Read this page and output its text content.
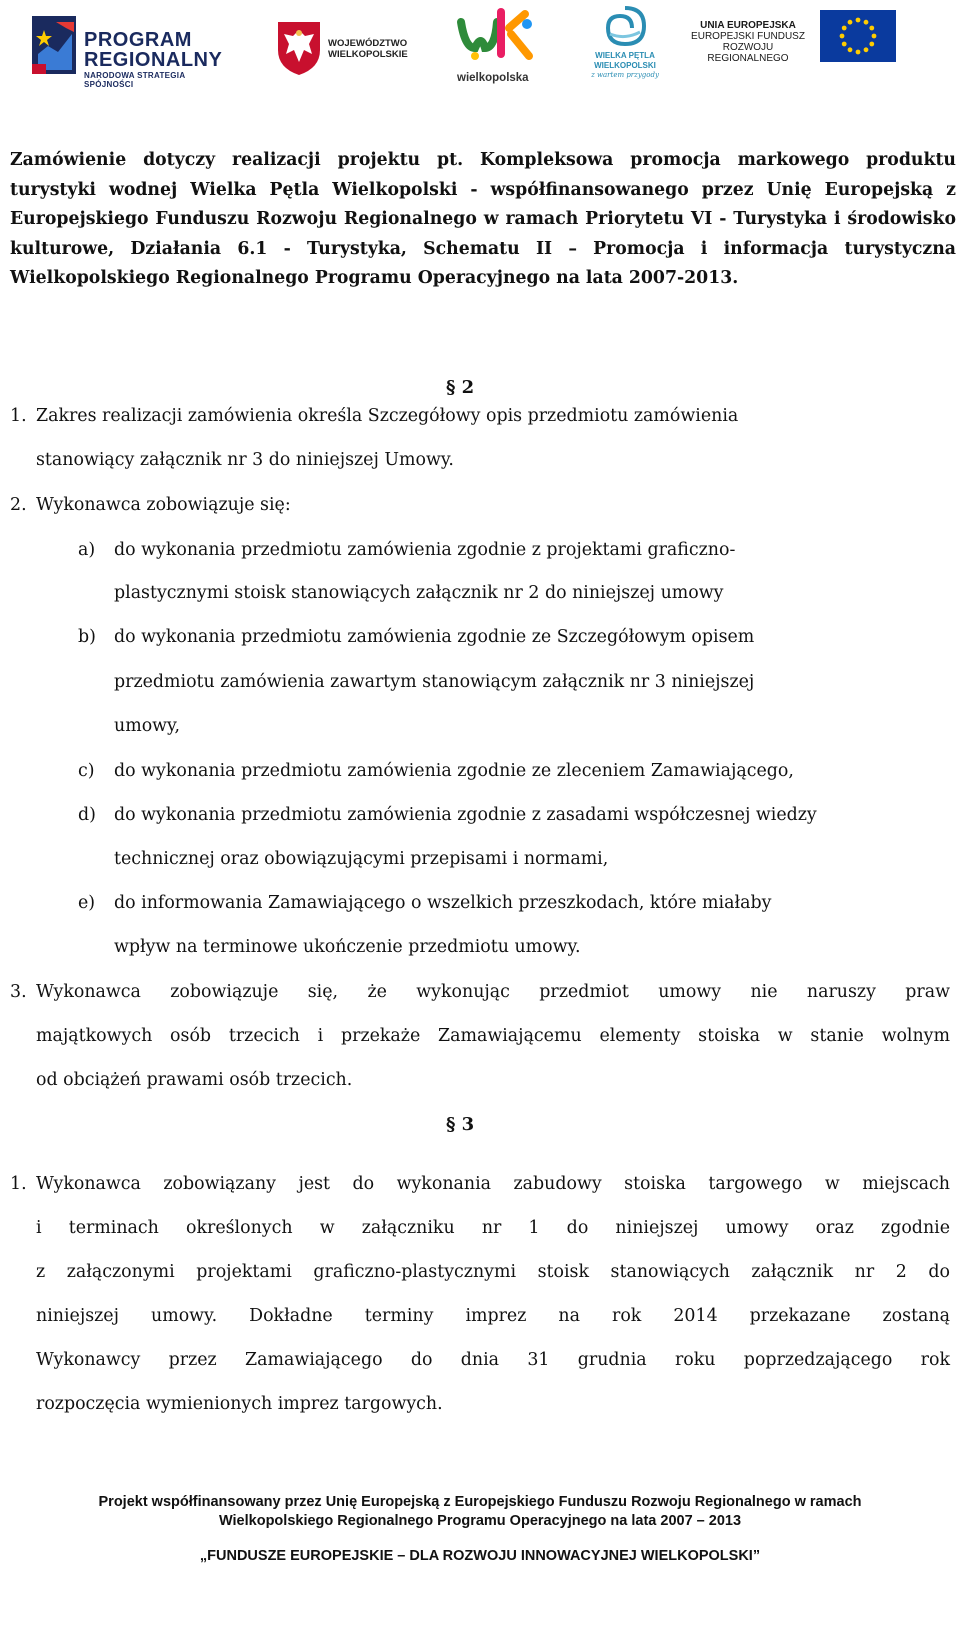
PROGRAM
REGIONALNY
NARODOWA STRATEGIA SPÓJNOŚCI
WOJEWÓDZTWO
WIELKOPOLSKIE
wielkopolska
WIELKA PĘTLA
WIELKOPOLSKI
z wartem przygody
UNIA EUROPEJSKA
EUROPEJSKI FUNDUSZ
ROZWOJU REGIONALNEGO

Zamówienie dotyczy realizacji projektu pt. Kompleksowa promocja markowego produktu turystyki wodnej Wielka Pętla Wielkopolski - współfinansowanego przez Unię Europejską z Europejskiego Funduszu Rozwoju Regionalnego w ramach Priorytetu VI - Turystyka i środowisko kulturowe, Działania 6.1 - Turystyka, Schematu II – Promocja i informacja turystyczna Wielkopolskiego Regionalnego Programu Operacyjnego na lata 2007-2013.

§ 2
1. Zakres realizacji zamówienia określa Szczegółowy opis przedmiotu zamówienia
stanowiący załącznik nr 3 do niniejszej Umowy.
2. Wykonawca zobowiązuje się:
a) do wykonania przedmiotu zamówienia zgodnie z projektami graficzno-
plastycznymi stoisk stanowiących załącznik nr 2 do niniejszej umowy
b) do wykonania przedmiotu zamówienia zgodnie ze Szczegółowym opisem
przedmiotu zamówienia zawartym stanowiącym załącznik nr 3 niniejszej
umowy,
c) do wykonania przedmiotu zamówienia zgodnie ze zleceniem Zamawiającego,
d) do wykonania przedmiotu zamówienia zgodnie z zasadami współczesnej wiedzy
technicznej oraz obowiązującymi przepisami i normami,
e) do informowania Zamawiającego o wszelkich przeszkodach, które miałaby
wpływ na terminowe ukończenie przedmiotu umowy.
3. Wykonawca zobowiązuje się, że wykonując przedmiot umowy nie naruszy praw
majątkowych osób trzecich i przekaże Zamawiającemu elementy stoiska w stanie wolnym
od obciążeń prawami osób trzecich.
§ 3
1. Wykonawca zobowiązany jest do wykonania zabudowy stoiska targowego w miejscach
i terminach określonych w załączniku nr 1 do niniejszej umowy oraz zgodnie
z załączonymi projektami graficzno-plastycznymi stoisk stanowiących załącznik nr 2 do
niniejszej umowy. Dokładne terminy imprez na rok 2014 przekazane zostaną
Wykonawcy przez Zamawiającego do dnia 31 grudnia roku poprzedzającego rok
rozpoczęcia wymienionych imprez targowych.
Projekt współfinansowany przez Unię Europejską z Europejskiego Funduszu Rozwoju Regionalnego w ramach
Wielkopolskiego Regionalnego Programu Operacyjnego na lata 2007 – 2013
„FUNDUSZE EUROPEJSKIE – DLA ROZWOJU INNOWACYJNEJ WIELKOPOLSKI”
